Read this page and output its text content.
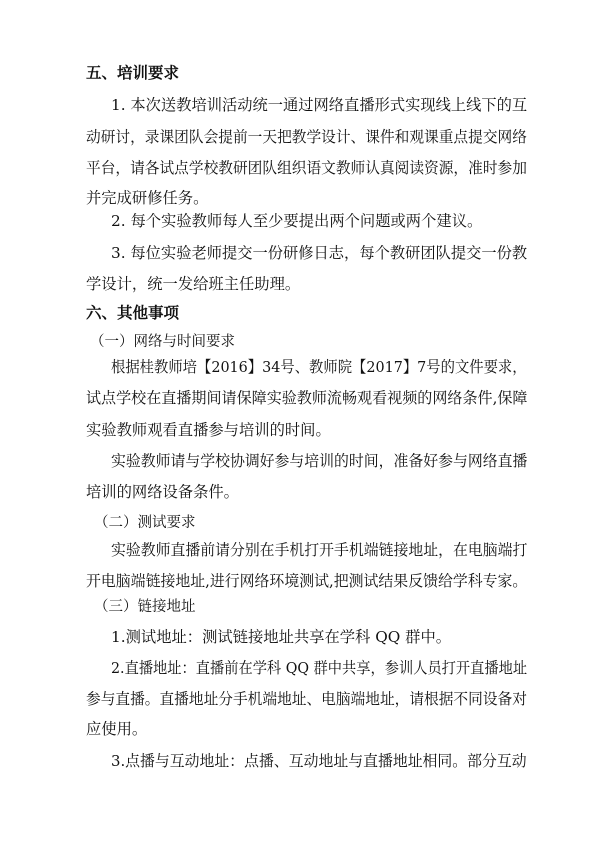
五、培训要求
1. 本次送教培训活动统一通过网络直播形式实现线上线下的互
动研讨，录课团队会提前一天把教学设计、课件和观课重点提交网络
平台，请各试点学校教研团队组织语文教师认真阅读资源，准时参加
并完成研修任务。
2. 每个实验教师每人至少要提出两个问题或两个建议。
3. 每位实验老师提交一份研修日志，每个教研团队提交一份教
学设计，统一发给班主任助理。
六、其他事项
（一）网络与时间要求
根据桂教师培【2016】34号、教师院【2017】7号的文件要求，
试点学校在直播期间请保障实验教师流畅观看视频的网络条件,保障
实验教师观看直播参与培训的时间。
实验教师请与学校协调好参与培训的时间，准备好参与网络直播
培训的网络设备条件。
（二）测试要求
实验教师直播前请分别在手机打开手机端链接地址，在电脑端打
开电脑端链接地址,进行网络环境测试,把测试结果反馈给学科专家。
（三）链接地址
1.测试地址：测试链接地址共享在学科 QQ 群中。
2.直播地址：直播前在学科 QQ 群中共享，参训人员打开直播地址
参与直播。直播地址分手机端地址、电脑端地址，请根据不同设备对
应使用。
3.点播与互动地址：点播、互动地址与直播地址相同。部分互动
